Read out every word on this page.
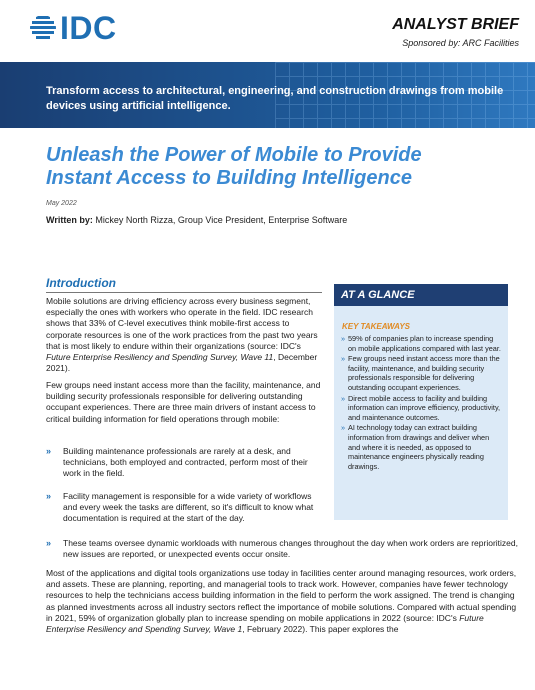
IDC	ANALYST BRIEF
Sponsored by: ARC Facilities
Transform access to architectural, engineering, and construction drawings from mobile devices using artificial intelligence.
Unleash the Power of Mobile to Provide
Instant Access to Building Intelligence
May 2022
Written by: Mickey North Rizza, Group Vice President, Enterprise Software
Introduction

Mobile solutions are driving efficiency across every business segment, especially the ones with workers who operate in the field. IDC research shows that 33% of C-level executives think mobile-first access to corporate resources is one of the work practices from the past two years that is most likely to endure within their organizations (source: IDC's Future Enterprise Resiliency and Spending Survey, Wave 11, December 2021).

Few groups need instant access more than the facility, maintenance, and building security professionals responsible for delivering outstanding occupant experiences. There are three main drivers of instant access to critical building information for field operations through mobile:

» Building maintenance professionals are rarely at a desk, and technicians, both employed and contracted, perform most of their work in the field.
» Facility management is responsible for a wide variety of workflows and every week the tasks are different, so it's difficult to know what documentation is required at the start of the day.
» These teams oversee dynamic workloads with numerous changes throughout the day when work orders are reprioritized, new issues are reported, or unexpected events occur onsite.

Most of the applications and digital tools organizations use today in facilities center around managing resources, work orders, and assets. These are planning, reporting, and managerial tools to track work. However, companies have fewer technology resources to help the technicians access building information in the field to perform the work assigned. The trend is changing as planned investments across all industry sectors reflect the importance of mobile solutions. Compared with actual spending in 2021, 59% of organization globally plan to increase spending on mobile applications in 2022 (source: IDC's Future Enterprise Resiliency and Spending Survey, Wave 1, February 2022). This paper explores the

AT A GLANCE
KEY TAKEAWAYS
» 59% of companies plan to increase spending on mobile applications compared with last year.
» Few groups need instant access more than the facility, maintenance, and building security professionals responsible for delivering outstanding occupant experiences.
» Direct mobile access to facility and building information can improve efficiency, productivity, and maintenance outcomes.
» AI technology today can extract building information from drawings and deliver when and where it is needed, as opposed to maintenance engineers physically reading drawings.
